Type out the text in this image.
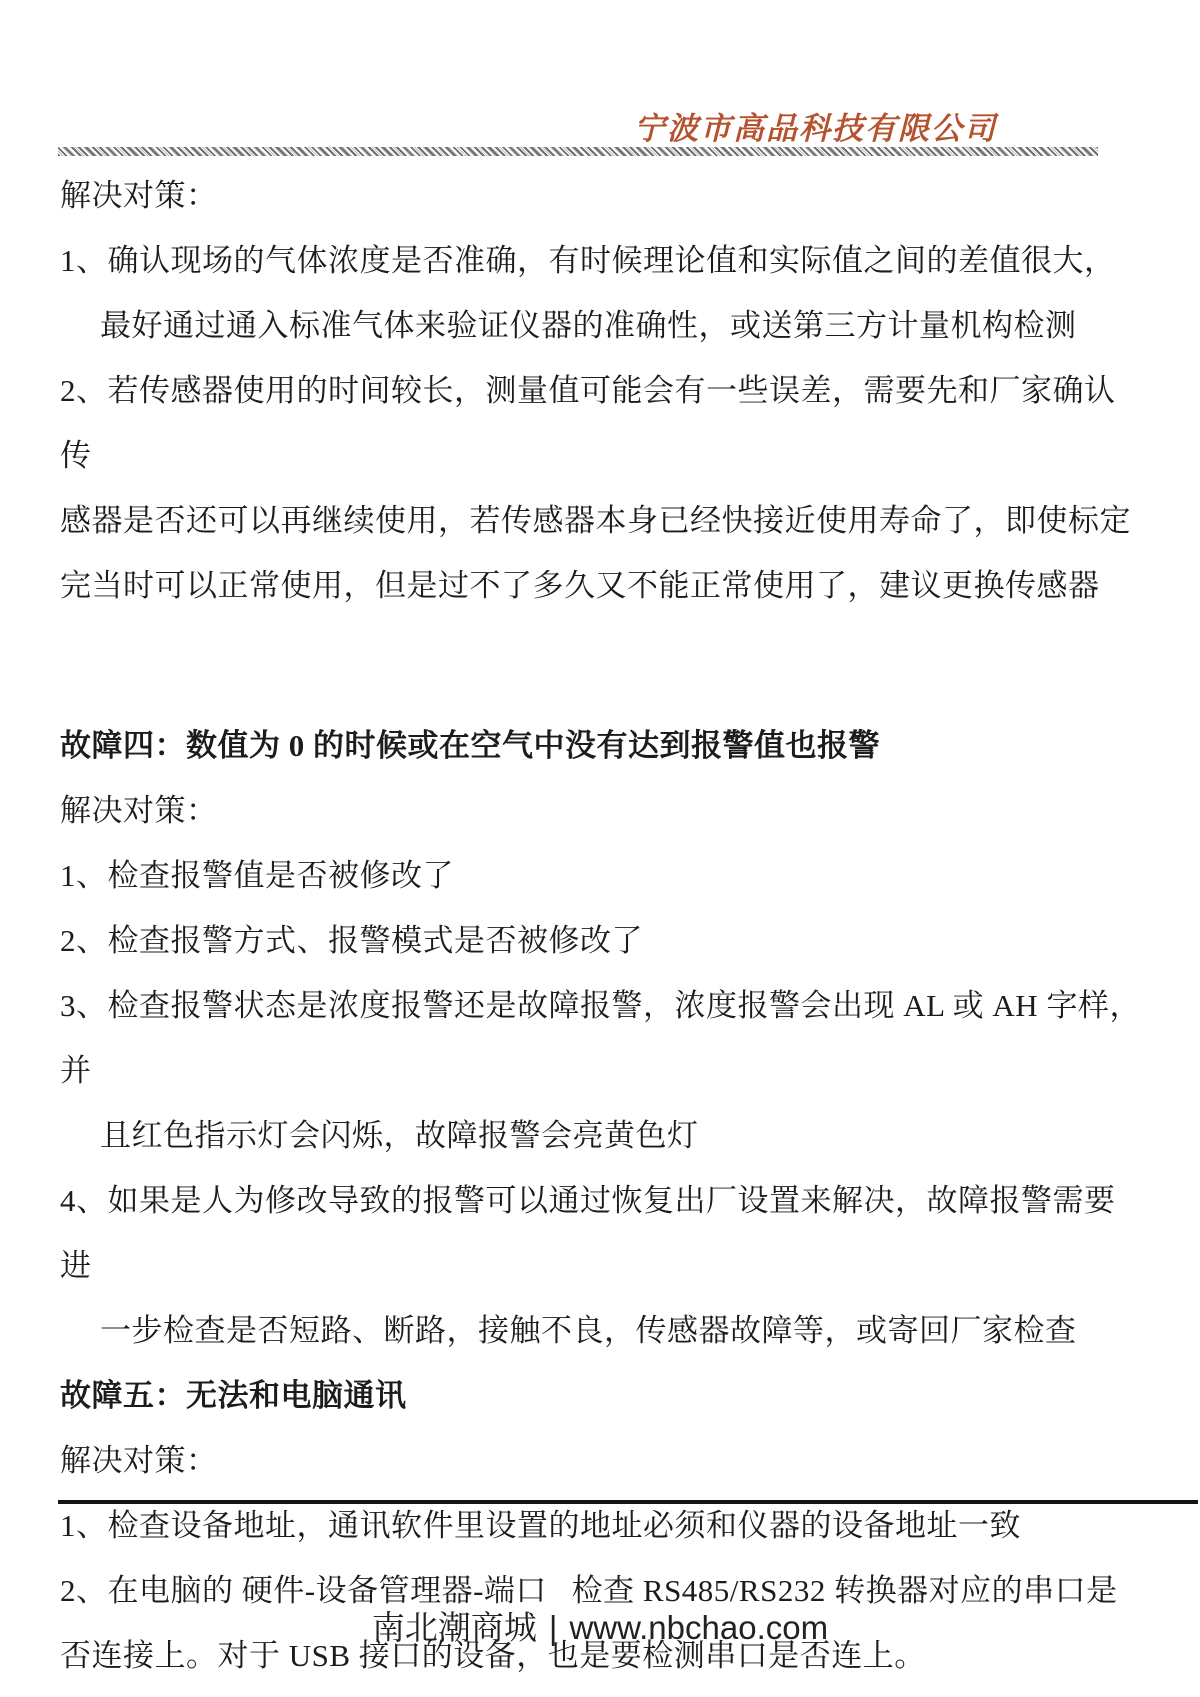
宁波市高品科技有限公司
解决对策：
1、确认现场的气体浓度是否准确，有时候理论值和实际值之间的差值很大，
最好通过通入标准气体来验证仪器的准确性，或送第三方计量机构检测
2、若传感器使用的时间较长，测量值可能会有一些误差，需要先和厂家确认传
感器是否还可以再继续使用，若传感器本身已经快接近使用寿命了，即使标定
完当时可以正常使用，但是过不了多久又不能正常使用了，建议更换传感器
故障四：数值为 0 的时候或在空气中没有达到报警值也报警
解决对策：
1、检查报警值是否被修改了
2、检查报警方式、报警模式是否被修改了
3、检查报警状态是浓度报警还是故障报警，浓度报警会出现 AL 或 AH 字样，并
且红色指示灯会闪烁，故障报警会亮黄色灯
4、如果是人为修改导致的报警可以通过恢复出厂设置来解决，故障报警需要进
一步检查是否短路、断路，接触不良，传感器故障等，或寄回厂家检查
故障五：无法和电脑通讯
解决对策：
1、检查设备地址，通讯软件里设置的地址必须和仪器的设备地址一致
2、在电脑的 硬件-设备管理器-端口   检查 RS485/RS232 转换器对应的串口是
否连接上。对于 USB 接口的设备，也是要检测串口是否连上。
南北潮商城 | www.nbchao.com
